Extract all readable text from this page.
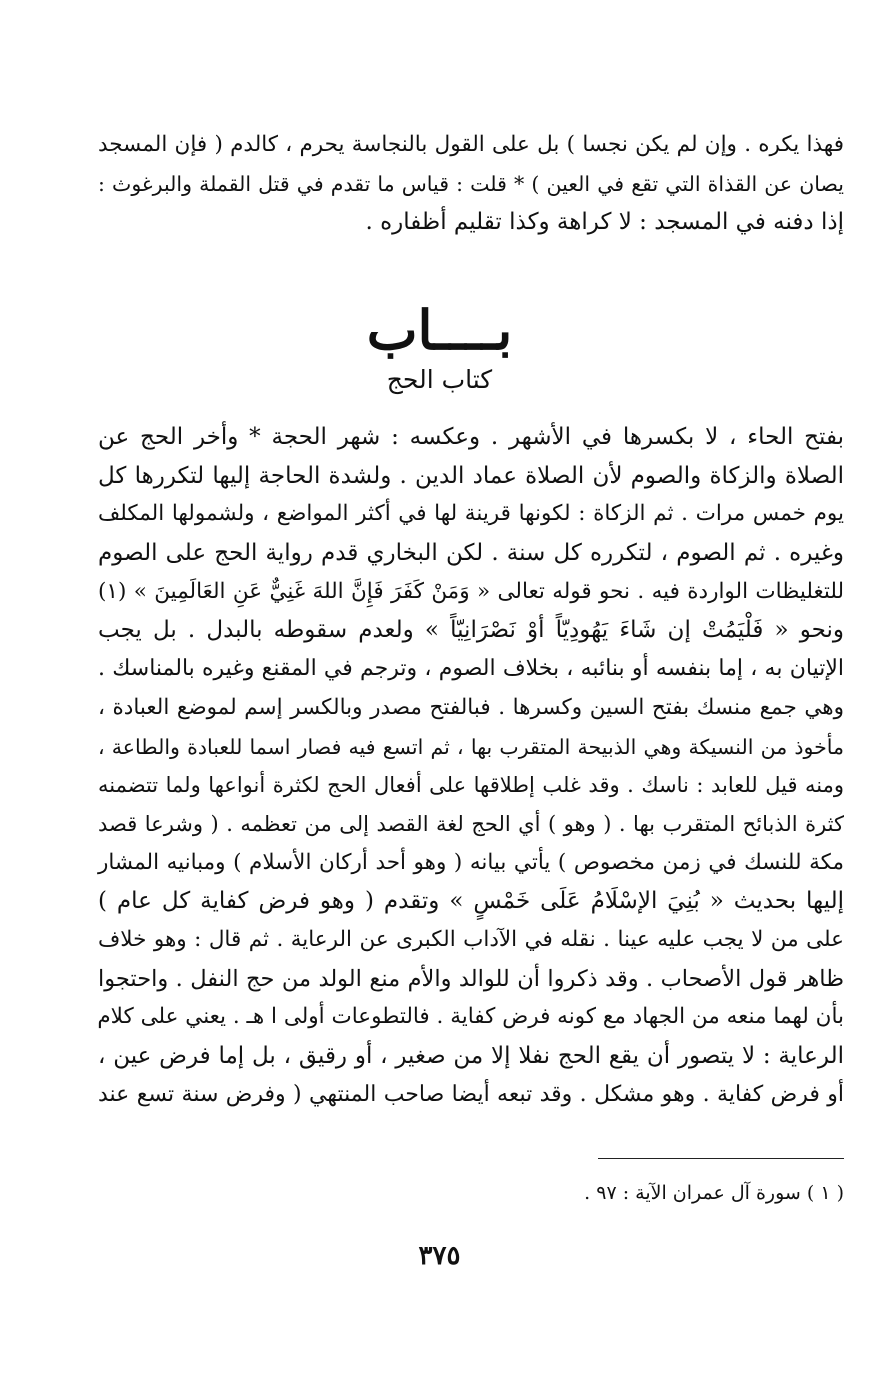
فهذا يكره . وإن لم يكن نجسا ) بل على القول بالنجاسة يحرم ، كالدم ( فإن المسجد
يصان عن القذاة التي تقع في العين ) * قلت : قياس ما تقدم في قتل القملة والبرغوث :
إذا دفنه في المسجد : لا كراهة وكذا تقليم أظفاره .
بــــاب
كتاب الحج
بفتح الحاء ، لا بكسرها في الأشهر . وعكسه : شهر الحجة * وأخر الحج عن
الصلاة والزكاة والصوم لأن الصلاة عماد الدين . ولشدة الحاجة إليها لتكررها كل
يوم خمس مرات . ثم الزكاة : لكونها قرينة لها في أكثر المواضع ، ولشمولها المكلف
وغيره . ثم الصوم ، لتكرره كل سنة . لكن البخاري قدم رواية الحج على الصوم
للتغليظات الواردة فيه . نحو قوله تعالى « وَمَنْ كَفَرَ فَإِنَّ اللهَ غَنِيٌّ عَنِ العَالَمِينَ » (١)
ونحو « فَلْيَمُتْ إن شَاءَ يَهُودِيّاً أوْ نَصْرَانِيّاً » ولعدم سقوطه بالبدل . بل يجب
الإتيان به ، إما بنفسه أو بنائبه ، بخلاف الصوم ، وترجم في المقنع وغيره بالمناسك .
وهي جمع منسك بفتح السين وكسرها . فبالفتح مصدر وبالكسر إسم لموضع العبادة ،
مأخوذ من النسيكة وهي الذبيحة المتقرب بها ، ثم اتسع فيه فصار اسما للعبادة والطاعة ،
ومنه قيل للعابد : ناسك . وقد غلب إطلاقها على أفعال الحج لكثرة أنواعها ولما تتضمنه
كثرة الذبائح المتقرب بها . ( وهو ) أي الحج لغة القصد إلى من تعظمه . ( وشرعا قصد
مكة للنسك في زمن مخصوص ) يأتي بيانه ( وهو أحد أركان الأسلام ) ومبانيه المشار
إليها بحديث « بُنِيَ الإسْلَامُ عَلَى خَمْسٍ » وتقدم ( وهو فرض كفاية كل عام )
على من لا يجب عليه عينا . نقله في الآداب الكبرى عن الرعاية . ثم قال : وهو خلاف
ظاهر قول الأصحاب . وقد ذكروا أن للوالد والأم منع الولد من حج النفل . واحتجوا
بأن لهما منعه من الجهاد مع كونه فرض كفاية . فالتطوعات أولى ا هـ . يعني على كلام
الرعاية : لا يتصور أن يقع الحج نفلا إلا من صغير ، أو رقيق ، بل إما فرض عين ،
أو فرض كفاية . وهو مشكل . وقد تبعه أيضا صاحب المنتهي ( وفرض سنة تسع عند
( ١ ) سورة آل عمران الآية : ٩٧ .
٣٧٥
